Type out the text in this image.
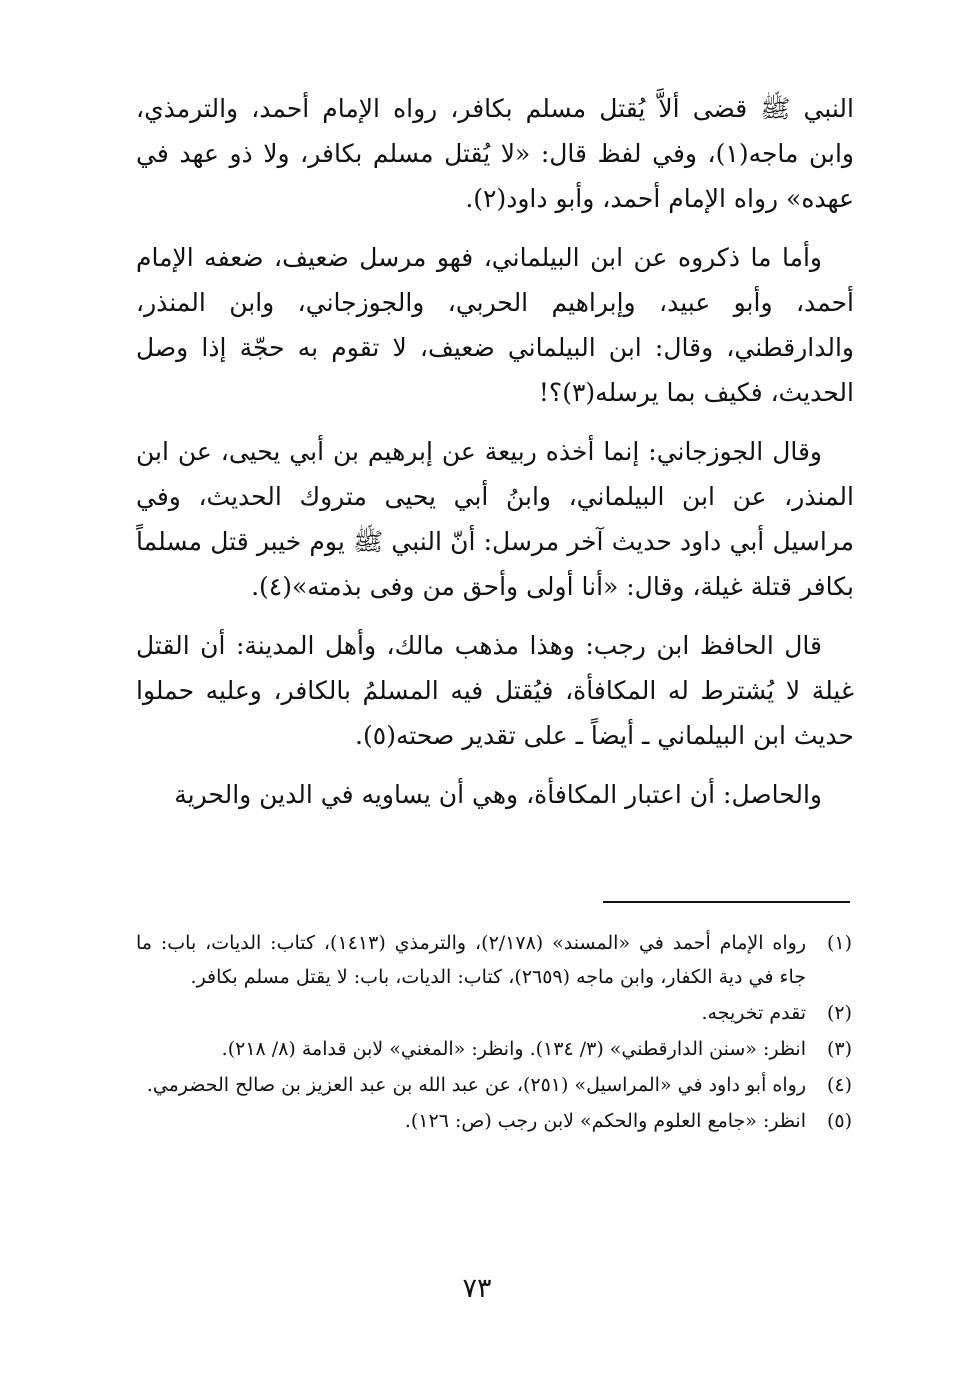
النبي ﷺ قضى ألاَّ يُقتل مسلم بكافر، رواه الإمام أحمد، والترمذي، وابن ماجه(١)، وفي لفظ قال: «لا يُقتل مسلم بكافر، ولا ذو عهد في عهده» رواه الإمام أحمد، وأبو داود(٢).

وأما ما ذكروه عن ابن البيلماني، فهو مرسل ضعيف، ضعفه الإمام أحمد، وأبو عبيد، وإبراهيم الحربي، والجوزجاني، وابن المنذر، والدارقطني، وقال: ابن البيلماني ضعيف، لا تقوم به حجّة إذا وصل الحديث، فكيف بما يرسله(٣)؟!

وقال الجوزجاني: إنما أخذه ربيعة عن إبرهيم بن أبي يحيى، عن ابن المنذر، عن ابن البيلماني، وابنُ أبي يحيى متروك الحديث، وفي مراسيل أبي داود حديث آخر مرسل: أنّ النبي ﷺ يوم خيبر قتل مسلماً بكافر قتلة غيلة، وقال: «أنا أولى وأحق من وفى بذمته»(٤).

قال الحافظ ابن رجب: وهذا مذهب مالك، وأهل المدينة: أن القتل غيلة لا يُشترط له المكافأة، فيُقتل فيه المسلمُ بالكافر، وعليه حملوا حديث ابن البيلماني ـ أيضاً ـ على تقدير صحته(٥).

والحاصل: أن اعتبار المكافأة، وهي أن يساويه في الدين والحرية

(١)
رواه الإمام أحمد في «المسند» (٢/١٧٨)، والترمذي (١٤١٣)، كتاب: الديات، باب: ما جاء في دية الكفار، وابن ماجه (٢٦٥٩)، كتاب: الديات، باب: لا يقتل مسلم بكافر.
(٢)
تقدم تخريجه.
(٣)
انظر: «سنن الدارقطني» (٣/ ١٣٤). وانظر: «المغني» لابن قدامة (٨/ ٢١٨).
(٤)
رواه أبو داود في «المراسيل» (٢٥١)، عن عبد الله بن عبد العزيز بن صالح الحضرمي.
(٥)
انظر: «جامع العلوم والحكم» لابن رجب (ص: ١٢٦).
٧٣
